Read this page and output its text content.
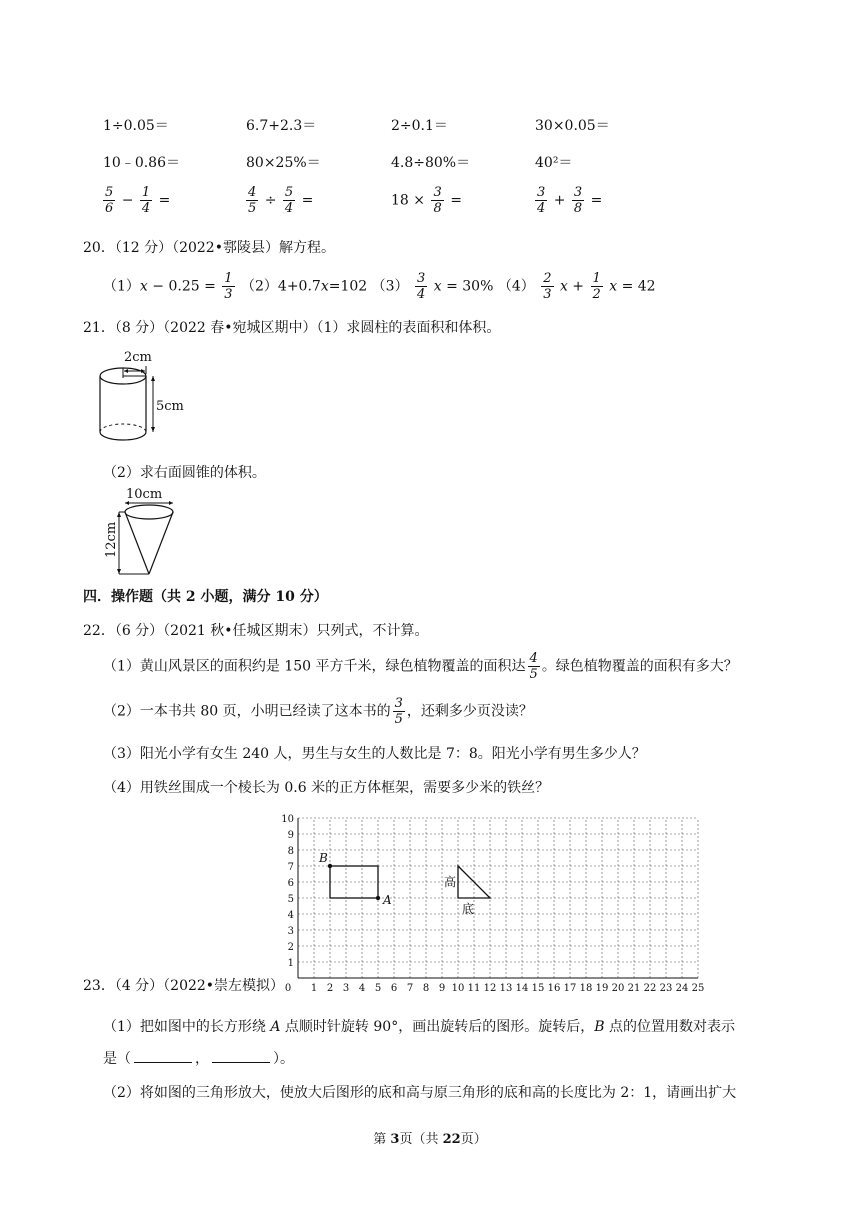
1÷0.05＝	6.7+2.3＝	2÷0.1＝	30×0.05＝
10﹣0.86＝	80×25%＝	4.8÷80%＝	40²＝
$\frac{5}{6} - \frac{1}{4}$ =	$\frac{4}{5} \div \frac{5}{4}$ =	$18 \times \frac{3}{8}$ =	$\frac{3}{4} + \frac{3}{8}$ =
20．（12 分）（2022•鄠陵县）解方程。
$(1)x - 0.25 = \frac{1}{3} (2)4+0.7x=102$ $(3) \frac{3}{4}$ x = 30% $(4) \frac{2}{3}$ $x + \frac{1}{2}$ x = 42
21．（8 分）（2022 春•宛城区期中）（1）求圆柱的表面积和体积。
2cm
5cm
（2）求右面圆锥的体积。
10cm
12cm
四．操作题（共 2 小题，满分 10 分）
22．（6 分）（2021 秋•任城区期末）只列式，不计算。
（1）黄山风景区的面积约是 150 平方千米，绿色植物覆盖的面积达 $\frac{4}{5}$ 。绿色植物覆盖的面积有多大？
（2）一本书共 80 页，小明已经读了这本书的 $\frac{3}{5}$ ，还剩多少页没读？
（3）阳光小学有女生 240 人，男生与女生的人数比是 7：8。阳光小学有男生多少人？
（4）用铁丝围成一个棱长为 0.6 米的正方体框架，需要多少米的铁丝？
0 1 2 3 4 5 6 7 8 9 10 11 12 13 14 15 16 17 18 19 20 21 22 23 24 25
1
2
3
4
5
6
7
8
9
10
A
B
高
底
23．（4 分）（2022•崇左模拟）
（1）把如图中的长方形绕 A 点顺时针旋转 90°，画出旋转后的图形。旋转后，B 点的位置用数对表示
是（	，	）。
（2）将如图的三角形放大，使放大后图形的底和高与原三角形的底和高的长度比为 2：1，请画出扩大
第 3页（共 22页）
